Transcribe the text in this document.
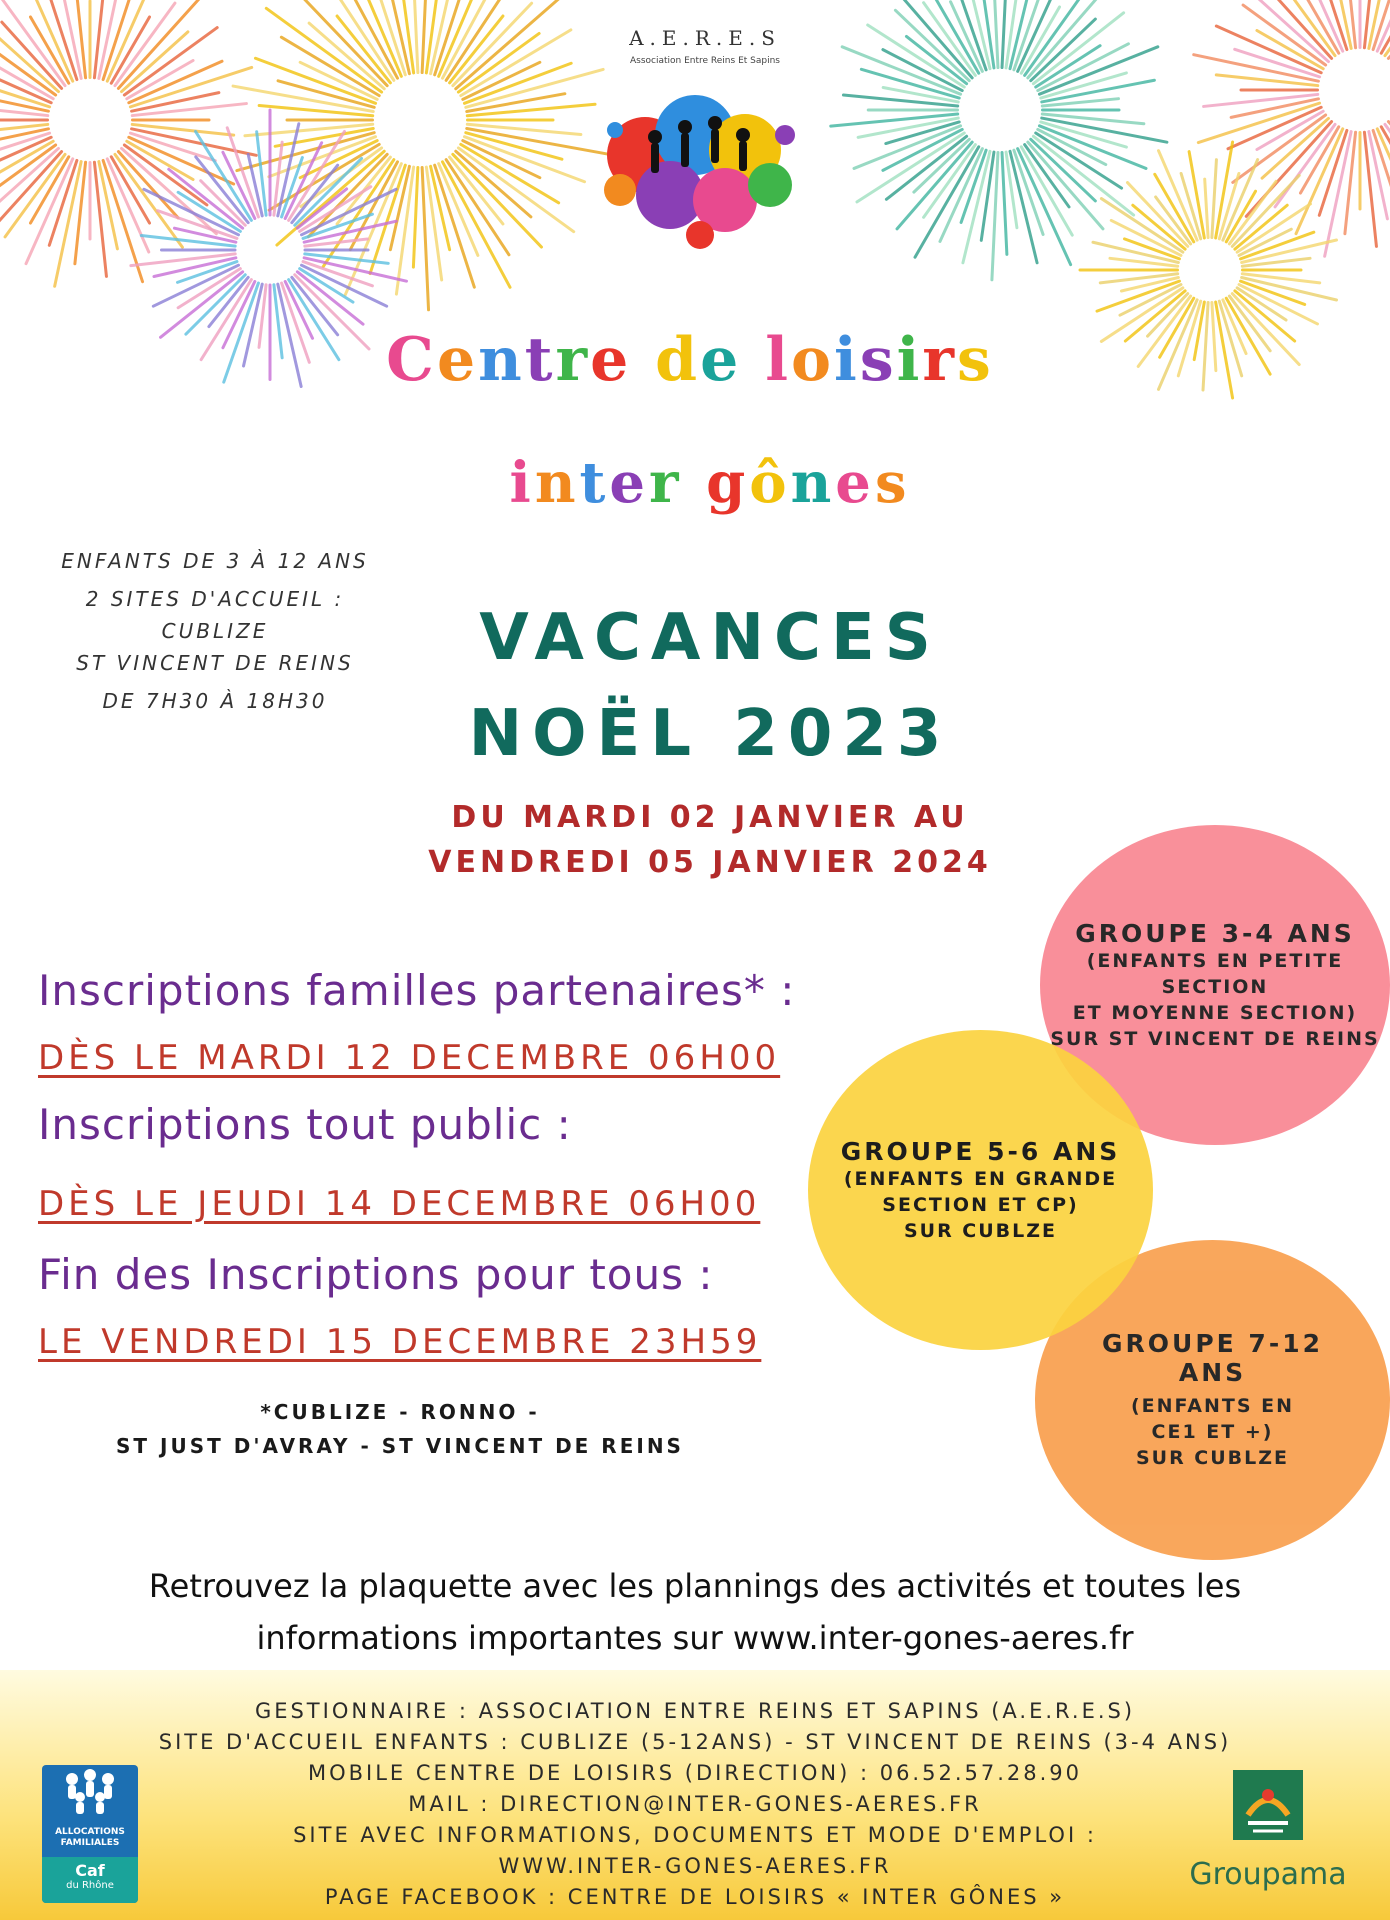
A.E.R.E.S
Association Entre Reins Et Sapins
Centre de loisirs
inter gônes
ENFANTS DE 3 À 12 ANS
2 SITES D'ACCUEIL :
CUBLIZE
ST VINCENT DE REINS
DE 7H30 À 18H30
VACANCES
NOËL 2023
DU MARDI 02 JANVIER AU
VENDREDI 05 JANVIER 2024
GROUPE 3-4 ANS
(ENFANTS EN PETITE
SECTION
ET MOYENNE SECTION)
SUR ST VINCENT DE REINS
GROUPE 7-12
ANS
(ENFANTS EN
CE1 ET +)
SUR CUBLZE
GROUPE 5-6 ANS
(ENFANTS EN GRANDE
SECTION ET CP)
SUR CUBLZE
Inscriptions familles partenaires* :
DÈS LE MARDI 12 DECEMBRE 06H00
Inscriptions tout public :
DÈS LE JEUDI 14 DECEMBRE 06H00
Fin des Inscriptions pour tous :
LE VENDREDI 15 DECEMBRE 23H59
*CUBLIZE - RONNO -
ST JUST D'AVRAY - ST VINCENT DE REINS
Retrouvez la plaquette avec les plannings des activités et toutes les
informations importantes sur www.inter-gones-aeres.fr
GESTIONNAIRE : ASSOCIATION ENTRE REINS ET SAPINS (A.E.R.E.S)
SITE D'ACCUEIL ENFANTS : CUBLIZE (5-12ANS) - ST VINCENT DE REINS (3-4 ANS)
MOBILE CENTRE DE LOISIRS (DIRECTION) : 06.52.57.28.90
MAIL : DIRECTION@INTER-GONES-AERES.FR
SITE AVEC INFORMATIONS, DOCUMENTS ET MODE D'EMPLOI :
WWW.INTER-GONES-AERES.FR
PAGE FACEBOOK : CENTRE DE LOISIRS « INTER GÔNES »
ALLOCATIONS
FAMILIALES
Caf
du Rhône	Groupama
